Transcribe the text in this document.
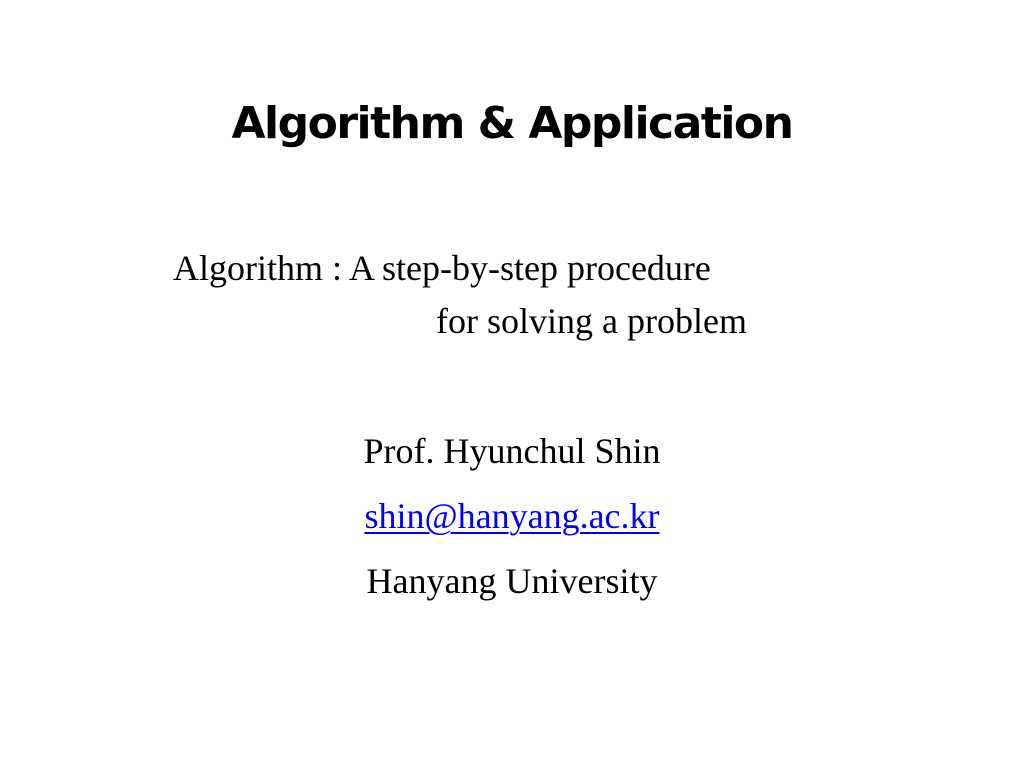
Algorithm & Application
Algorithm : A step-by-step procedure
for solving a problem
Prof. Hyunchul Shin
shin@hanyang.ac.kr
Hanyang University
